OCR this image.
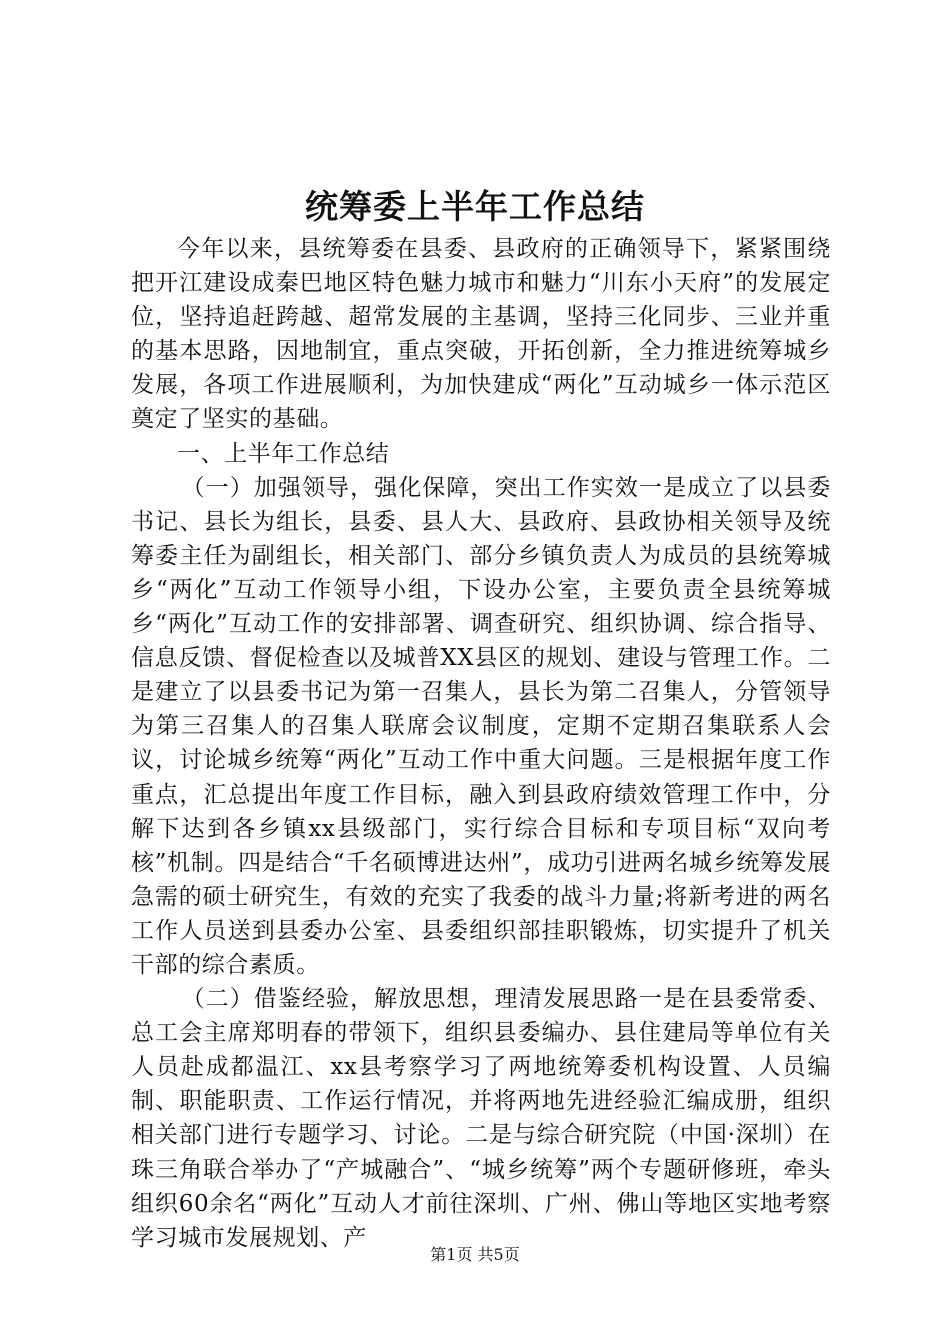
统筹委上半年工作总结

今年以来，县统筹委在县委、县政府的正确领导下，紧紧围绕把开江建设成秦巴地区特色魅力城市和魅力“川东小天府”的发展定位，坚持追赶跨越、超常发展的主基调，坚持三化同步、三业并重的基本思路，因地制宜，重点突破，开拓创新，全力推进统筹城乡发展，各项工作进展顺利，为加快建成“两化”互动城乡一体示范区奠定了坚实的基础。

一、上半年工作总结

（一）加强领导，强化保障，突出工作实效一是成立了以县委书记、县长为组长，县委、县人大、县政府、县政协相关领导及统筹委主任为副组长，相关部门、部分乡镇负责人为成员的县统筹城乡“两化”互动工作领导小组，下设办公室，主要负责全县统筹城乡“两化”互动工作的安排部署、调查研究、组织协调、综合指导、信息反馈、督促检查以及城普XX县区的规划、建设与管理工作。二是建立了以县委书记为第一召集人，县长为第二召集人，分管领导为第三召集人的召集人联席会议制度，定期不定期召集联系人会议，讨论城乡统筹“两化”互动工作中重大问题。三是根据年度工作重点，汇总提出年度工作目标，融入到县政府绩效管理工作中，分解下达到各乡镇xx县级部门，实行综合目标和专项目标“双向考核”机制。四是结合“千名硕博进达州”，成功引进两名城乡统筹发展急需的硕士研究生，有效的充实了我委的战斗力量;将新考进的两名工作人员送到县委办公室、县委组织部挂职锻炼，切实提升了机关干部的综合素质。

（二）借鉴经验，解放思想，理清发展思路一是在县委常委、总工会主席郑明春的带领下，组织县委编办、县住建局等单位有关人员赴成都温江、xx县考察学习了两地统筹委机构设置、人员编制、职能职责、工作运行情况，并将两地先进经验汇编成册，组织相关部门进行专题学习、讨论。二是与综合研究院（中国·深圳）在珠三角联合举办了“产城融合”、“城乡统筹”两个专题研修班，牵头组织60余名“两化”互动人才前往深圳、广州、佛山等地区实地考察学习城市发展规划、产

第1页 共5页
